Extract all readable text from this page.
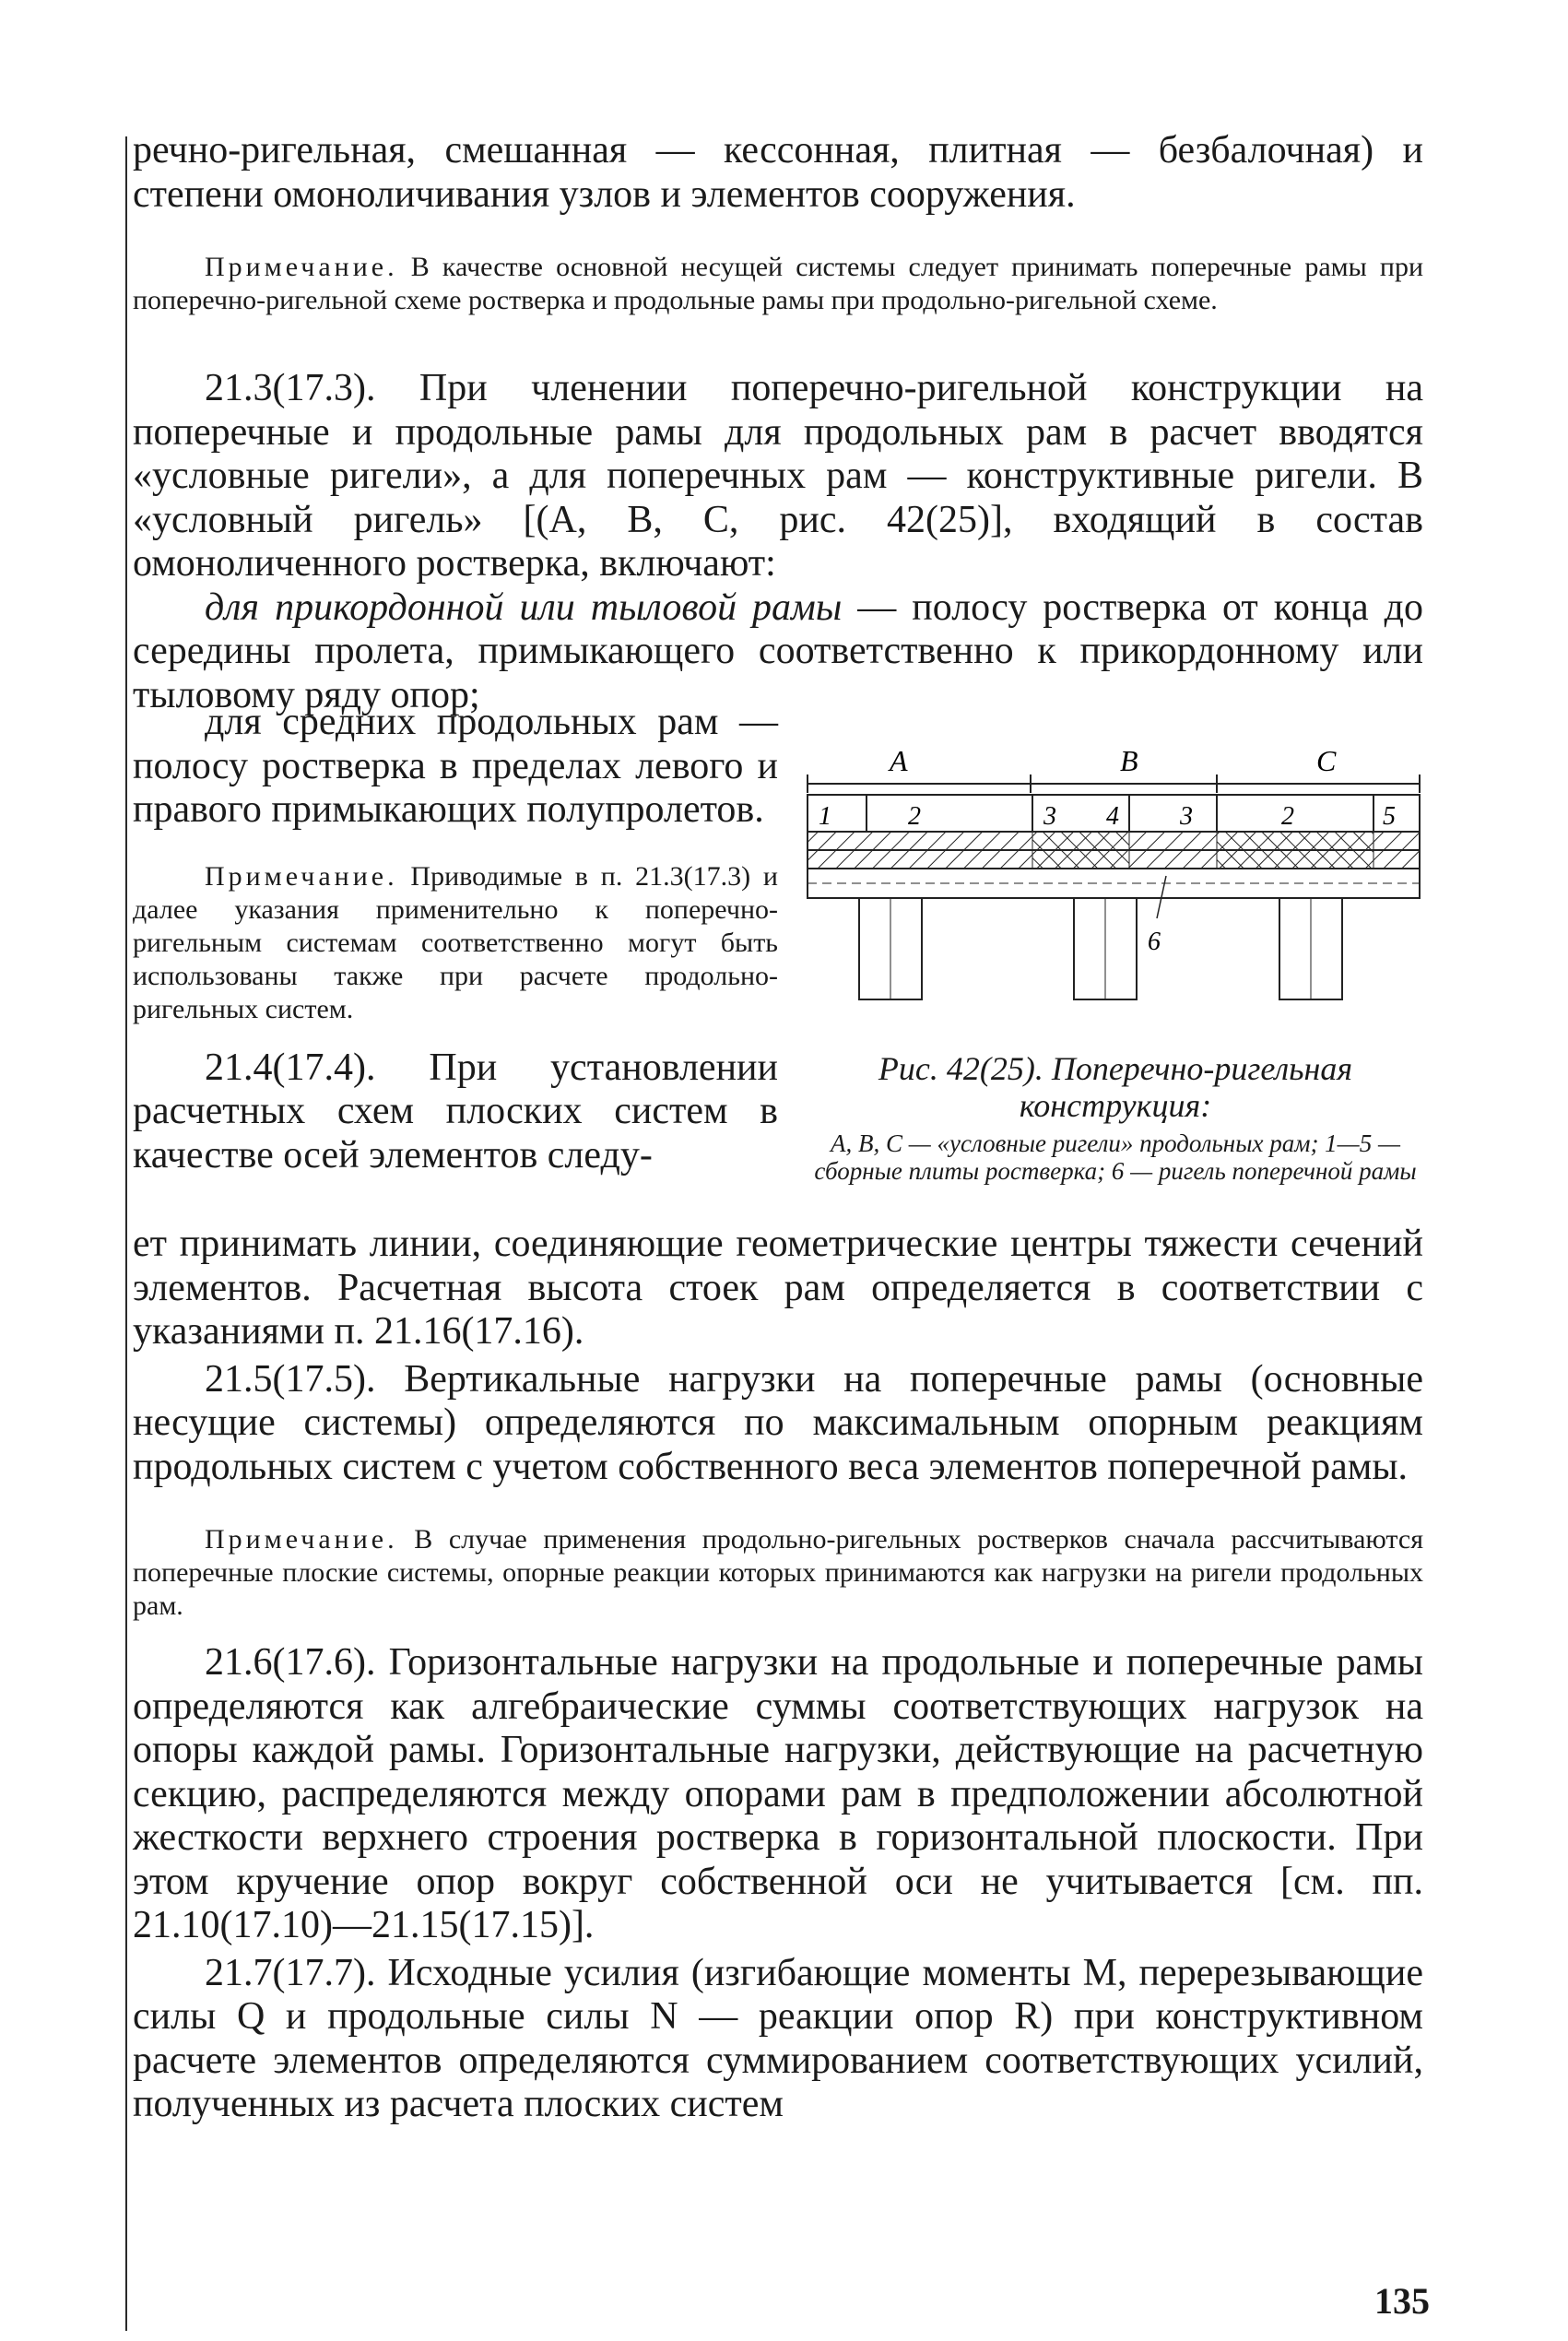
речно-ригельная, смешанная — кессонная, плитная — безбалочная) и степени омоноличивания узлов и элементов сооружения.

Примечание. В качестве основной несущей системы следует принимать поперечные рамы при поперечно-ригельной схеме ростверка и продольные рамы при продольно-ригельной схеме.

21.3(17.3). При членении поперечно-ригельной конструкции на поперечные и продольные рамы для продольных рам в расчет вводятся «условные ригели», а для поперечных рам — конструктивные ригели. В «условный ригель» [(А, В, С, рис. 42(25)], входящий в состав омоноличенного ростверка, включают:

для прикордонной или тыловой рамы — полосу ростверка от конца до середины пролета, примыкающего соответственно к прикордонному или тыловому ряду опор;

для средних продольных рам — полосу ростверка в пределах левого и правого примыкающих полупролетов.

Примечание. Приводимые в п. 21.3(17.3) и далее указания применительно к поперечно-ригельным системам соответственно могут быть использованы также при расчете продольно-ригельных систем.

21.4(17.4). При установлении расчетных схем плоских систем в качестве осей элементов следу-

A	B	C
1	2	3 4 3	2	5
6
Рис. 42(25). Поперечно-ригельная конструкция:
А, В, С — «условные ригели» продольных рам; 1—5 — сборные плиты ростверка; 6 — ригель поперечной рамы

ет принимать линии, соединяющие геометрические центры тяжести сечений элементов. Расчетная высота стоек рам определяется в соответствии с указаниями п. 21.16(17.16).

21.5(17.5). Вертикальные нагрузки на поперечные рамы (основные несущие системы) определяются по максимальным опорным реакциям продольных систем с учетом собственного веса элементов поперечной рамы.

Примечание. В случае применения продольно-ригельных ростверков сначала рассчитываются поперечные плоские системы, опорные реакции которых принимаются как нагрузки на ригели продольных рам.

21.6(17.6). Горизонтальные нагрузки на продольные и поперечные рамы определяются как алгебраические суммы соответствующих нагрузок на опоры каждой рамы. Горизонтальные нагрузки, действующие на расчетную секцию, распределяются между опорами рам в предположении абсолютной жесткости верхнего строения ростверка в горизонтальной плоскости. При этом кручение опор вокруг собственной оси не учитывается [см. пп. 21.10(17.10)—21.15(17.15)].

21.7(17.7). Исходные усилия (изгибающие моменты М, перерезывающие силы Q и продольные силы N — реакции опор R) при конструктивном расчете элементов определяются суммированием соответствующих усилий, полученных из расчета плоских систем

135
